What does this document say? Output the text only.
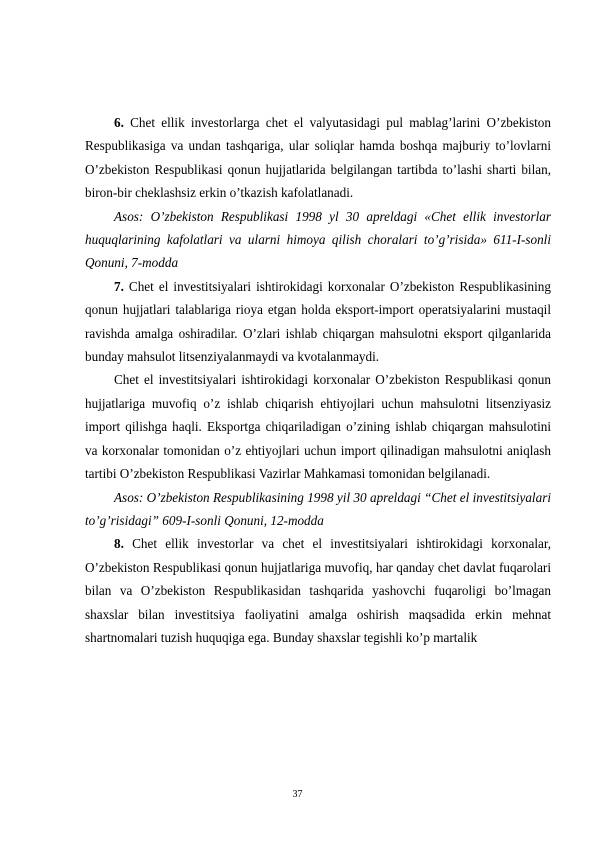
6. Chet ellik investorlarga chet el valyutasidagi pul mablag’larini O’zbekiston Respublikasiga va undan tashqariga, ular soliqlar hamda boshqa majburiy to’lovlarni O’zbekiston Respublikasi qonun hujjatlarida belgilangan tartibda to’lashi sharti bilan, biron-bir cheklashsiz erkin o’tkazish kafolatlanadi.

Asos: O’zbekiston Respublikasi 1998 yl 30 apreldagi «Chet ellik investorlar huquqlarining kafolatlari va ularni himoya qilish choralari to’g’risida» 611-I-sonli Qonuni, 7-modda

7. Chet el investitsiyalari ishtirokidagi korxonalar O’zbekiston Respublikasining qonun hujjatlari talablariga rioya etgan holda eksport-import operatsiyalarini mustaqil ravishda amalga oshiradilar. O’zlari ishlab chiqargan mahsulotni eksport qilganlarida bunday mahsulot litsenziyalanmaydi va kvotalanmaydi.

Chet el investitsiyalari ishtirokidagi korxonalar O’zbekiston Respublikasi qonun hujjatlariga muvofiq o’z ishlab chiqarish ehtiyojlari uchun mahsulotni litsenziyasiz import qilishga haqli. Eksportga chiqariladigan o’zining ishlab chiqargan mahsulotini va korxonalar tomonidan o’z ehtiyojlari uchun import qilinadigan mahsulotni aniqlash tartibi O’zbekiston Respublikasi Vazirlar Mahkamasi tomonidan belgilanadi.

Asos: O’zbekiston Respublikasining 1998 yil 30 apreldagi “Chet el investitsiyalari to’g’risidagi” 609-I-sonli Qonuni, 12-modda

8. Chet ellik investorlar va chet el investitsiyalari ishtirokidagi korxonalar, O’zbekiston Respublikasi qonun hujjatlariga muvofiq, har qanday chet davlat fuqarolari bilan va O’zbekiston Respublikasidan tashqarida yashovchi fuqaroligi bo’lmagan shaxslar bilan investitsiya faoliyatini amalga oshirish maqsadida erkin mehnat shartnomalari tuzish huquqiga ega. Bunday shaxslar tegishli ko’p martalik

37
